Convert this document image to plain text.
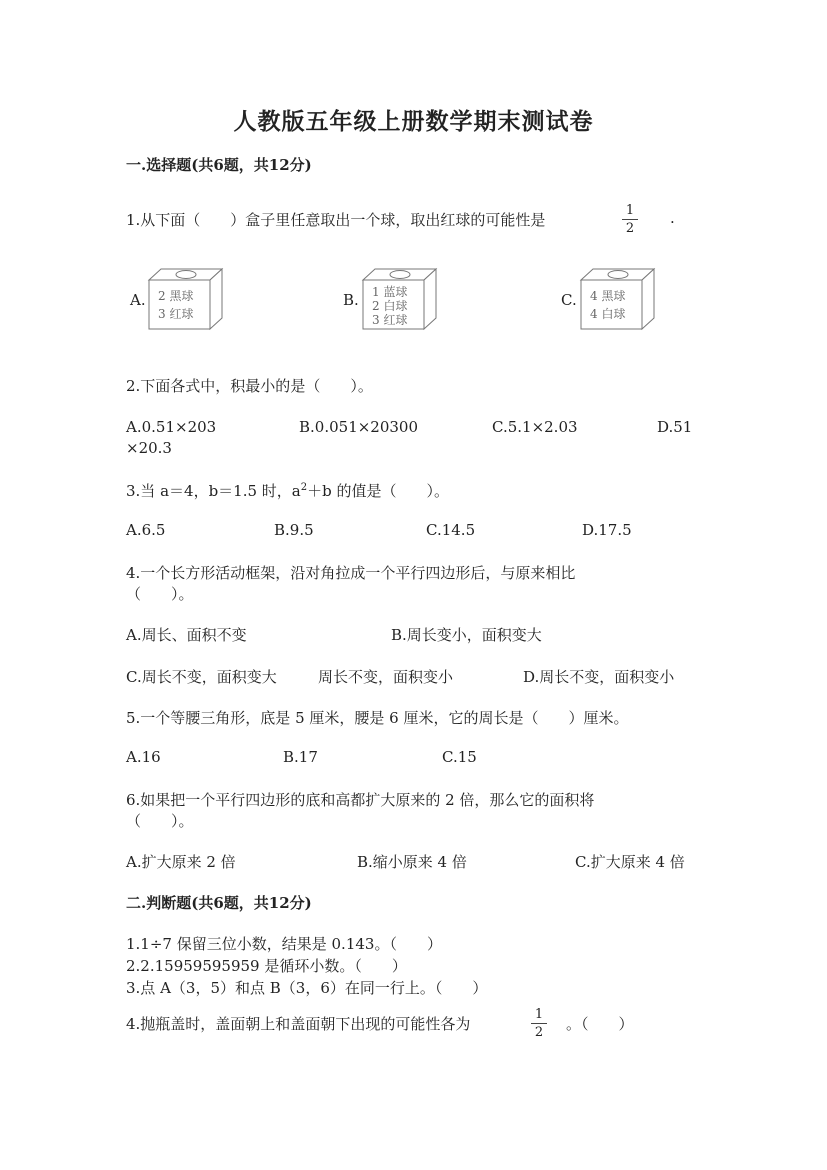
人教版五年级上册数学期末测试卷
一.选择题(共6题，共12分)
1.从下面（　　）盒子里任意取出一个球，取出红球的可能性是
1
2
.
A. 2 黑球
3 红球
B. 1 蓝球
2 白球
3 红球
C. 4 黑球
4 白球
2.下面各式中，积最小的是（　　）。
A.0.51×203	B.0.051×20300	C.5.1×2.03	D.51
×20.3
3.当 a＝4，b＝1.5 时，$a^2+b$ 的值是（　　）。
A.6.5	B.9.5	C.14.5	D.17.5
4.一个长方形活动框架，沿对角拉成一个平行四边形后，与原来相比
（　　）。
A.周长、面积不变	B.周长变小，面积变大
C.周长不变，面积变大	周长不变，面积变小	D.周长不变，面积变小
5.一个等腰三角形，底是 5 厘米，腰是 6 厘米，它的周长是（　　）厘米。
A.16	B.17	C.15
6.如果把一个平行四边形的底和高都扩大原来的 2 倍，那么它的面积将
（　　）。
A.扩大原来 2 倍	B.缩小原来 4 倍	C.扩大原来 4 倍
二.判断题(共6题，共12分)
1.1÷7 保留三位小数，结果是 0.143。（　　）
2.2.15959595959 是循环小数。（　　）
3.点 A（3，5）和点 B（3，6）在同一行上。（　　）
4.抛瓶盖时，盖面朝上和盖面朝下出现的可能性各为
1
2 。（　　）
